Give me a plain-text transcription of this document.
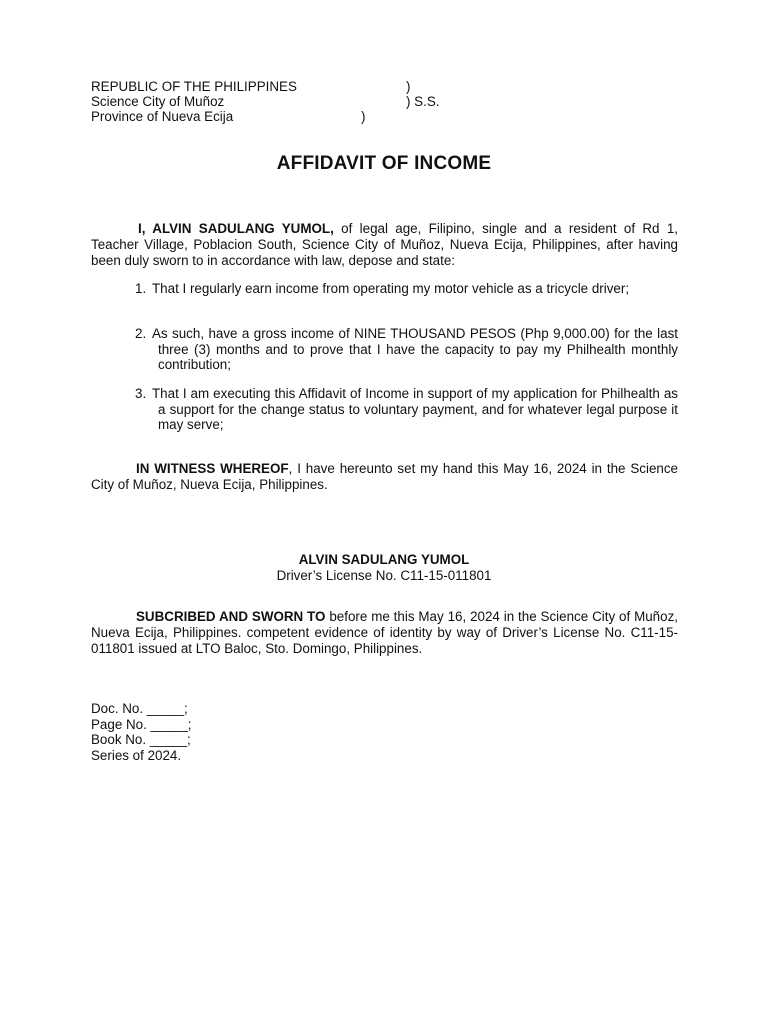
REPUBLIC OF THE PHILIPPINES	)
Science City of Muñoz	) S.S.
Province of Nueva Ecija	)
AFFIDAVIT OF INCOME
I, ALVIN SADULANG YUMOL, of legal age, Filipino, single and a resident of Rd 1, Teacher Village, Poblacion South, Science City of Muñoz, Nueva Ecija, Philippines, after having been duly sworn to in accordance with law, depose and state:
1. That I regularly earn income from operating my motor vehicle as a tricycle driver;
2. As such, have a gross income of NINE THOUSAND PESOS (Php 9,000.00) for the last three (3) months and to prove that I have the capacity to pay my Philhealth monthly contribution;
3. That I am executing this Affidavit of Income in support of my application for Philhealth as a support for the change status to voluntary payment, and for whatever legal purpose it may serve;
IN WITNESS WHEREOF, I have hereunto set my hand this May 16, 2024 in the Science City of Muñoz, Nueva Ecija, Philippines.
ALVIN SADULANG YUMOL
Driver’s License No. C11-15-011801
SUBCRIBED AND SWORN TO before me this May 16, 2024 in the Science City of Muñoz, Nueva Ecija, Philippines. competent evidence of identity by way of Driver’s License No. C11-15-011801 issued at LTO Baloc, Sto. Domingo, Philippines.
Doc. No. _____;
Page No. _____;
Book No. _____;
Series of 2024.
